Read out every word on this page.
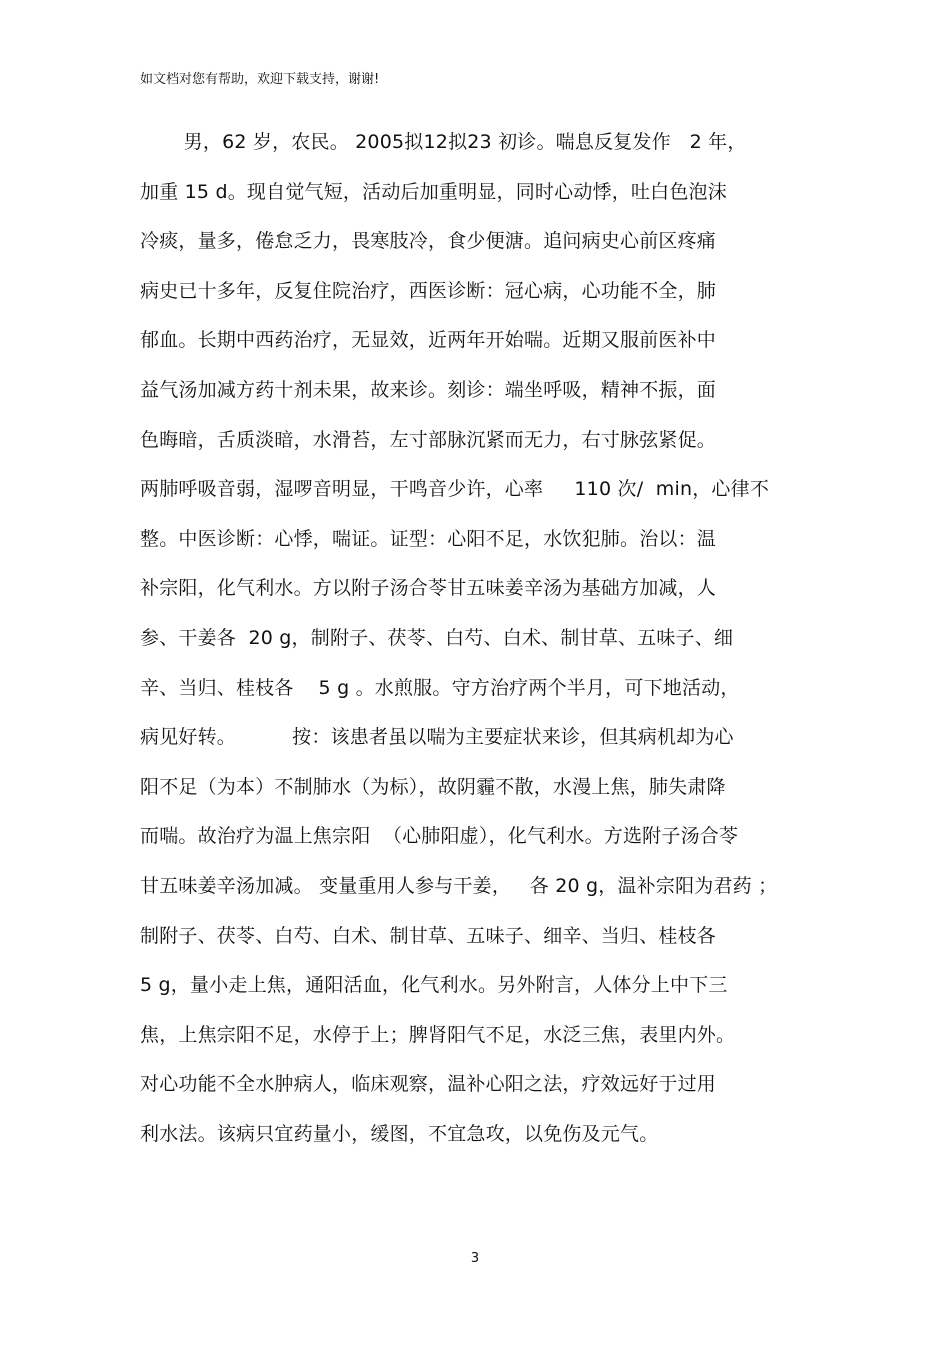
如文档对您有帮助，欢迎下载支持，谢谢!
男，62 岁，农民。 2005拟12拟23 初诊。喘息反复发作   2 年，
加重 15 d。现自觉气短，活动后加重明显，同时心动悸，吐白色泡沫
冷痰，量多，倦怠乏力，畏寒肢冷，食少便溏。追问病史心前区疼痛
病史已十多年，反复住院治疗，西医诊断：冠心病，心功能不全，肺
郁血。长期中西药治疗，无显效，近两年开始喘。近期又服前医补中
益气汤加减方药十剂未果，故来诊。刻诊：端坐呼吸，精神不振，面
色晦暗，舌质淡暗，水滑苔，左寸部脉沉紧而无力，右寸脉弦紧促。
两肺呼吸音弱，湿啰音明显，干鸣音少许，心率     110 次/  min，心律不
整。中医诊断：心悸，喘证。证型：心阳不足，水饮犯肺。治以：温
补宗阳，化气利水。方以附子汤合苓甘五味姜辛汤为基础方加减，人
参、干姜各  20 g，制附子、茯苓、白芍、白术、制甘草、五味子、细
辛、当归、桂枝各    5 g 。水煎服。守方治疗两个半月，可下地活动，
病见好转。         按：该患者虽以喘为主要症状来诊，但其病机却为心
阳不足（为本）不制肺水（为标），故阴霾不散，水漫上焦，肺失肃降
而喘。故治疗为温上焦宗阳  （心肺阳虚），化气利水。方选附子汤合苓
甘五味姜辛汤加减。 变量重用人参与干姜，   各 20 g，温补宗阳为君药 ；
制附子、茯苓、白芍、白术、制甘草、五味子、细辛、当归、桂枝各
5 g，量小走上焦，通阳活血，化气利水。另外附言，人体分上中下三
焦，上焦宗阳不足，水停于上；脾肾阳气不足，水泛三焦，表里内外。
对心功能不全水肿病人，临床观察，温补心阳之法，疗效远好于过用
利水法。该病只宜药量小，缓图，不宜急攻，以免伤及元气。
3
